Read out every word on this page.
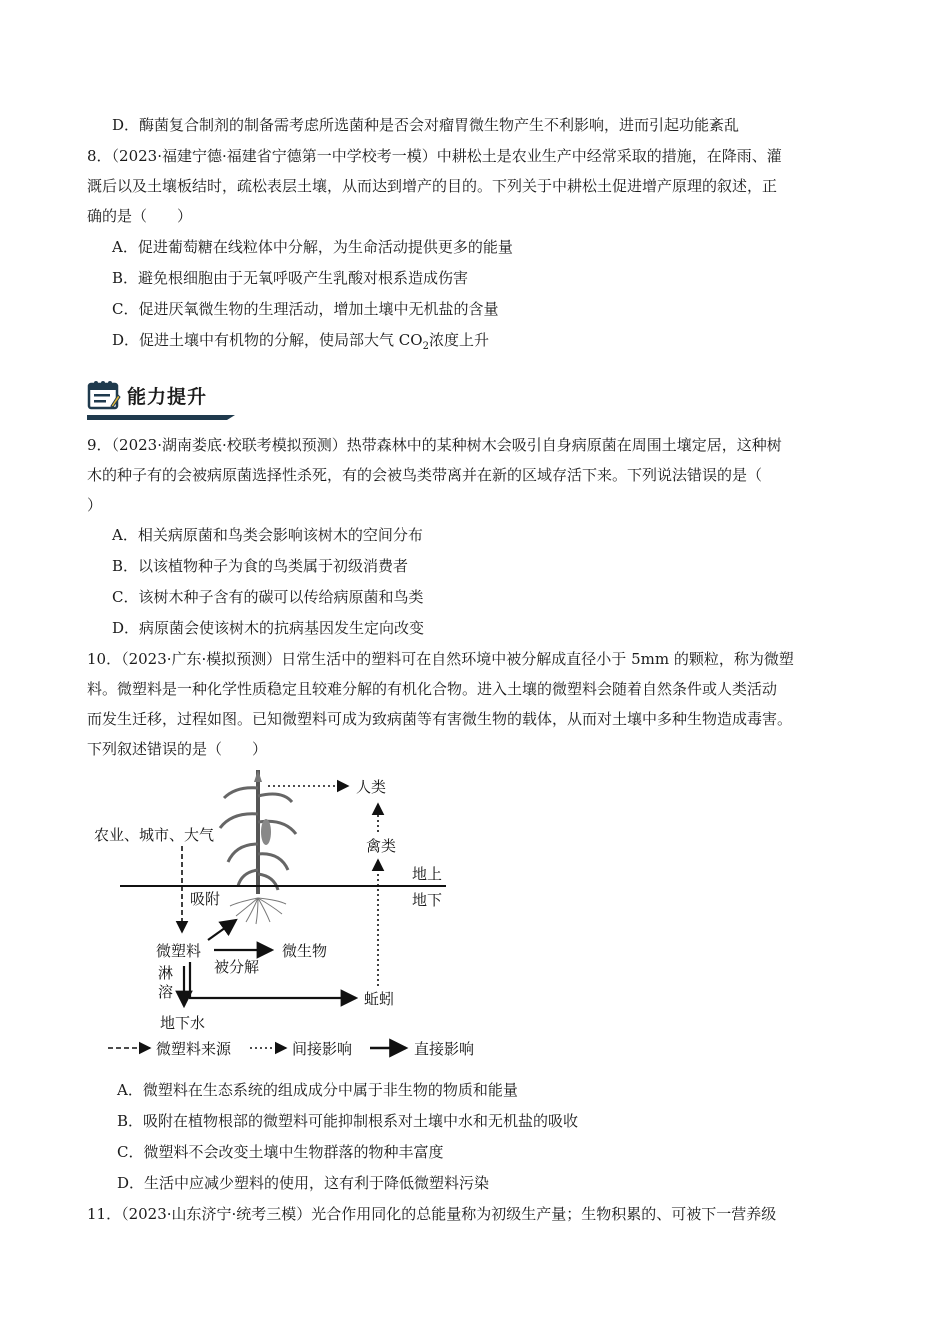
D．酶菌复合制剂的制备需考虑所选菌种是否会对瘤胃微生物产生不利影响，进而引起功能紊乱
8．（2023·福建宁德·福建省宁德第一中学校考一模）中耕松土是农业生产中经常采取的措施，在降雨、灌
溉后以及土壤板结时，疏松表层土壤，从而达到增产的目的。下列关于中耕松土促进增产原理的叙述，正
确的是（　　）
A．促进葡萄糖在线粒体中分解，为生命活动提供更多的能量
B．避免根细胞由于无氧呼吸产生乳酸对根系造成伤害
C．促进厌氧微生物的生理活动，增加土壤中无机盐的含量
D．促进土壤中有机物的分解，使局部大气 $CO_2$浓度上升
能力提升
9．（2023·湖南娄底·校联考模拟预测）热带森林中的某种树木会吸引自身病原菌在周围土壤定居，这种树
木的种子有的会被病原菌选择性杀死，有的会被鸟类带离并在新的区域存活下来。下列说法错误的是（
）
A．相关病原菌和鸟类会影响该树木的空间分布
B．以该植物种子为食的鸟类属于初级消费者
C．该树木种子含有的碳可以传给病原菌和鸟类
D．病原菌会使该树木的抗病基因发生定向改变
10．（2023·广东·模拟预测）日常生活中的塑料可在自然环境中被分解成直径小于 5mm 的颗粒，称为微塑
料。微塑料是一种化学性质稳定且较难分解的有机化合物。进入土壤的微塑料会随着自然条件或人类活动
而发生迁移，过程如图。已知微塑料可成为致病菌等有害微生物的载体，从而对土壤中多种生物造成毒害。
下列叙述错误的是（　　）
人类
禽类
农业、城市、大气
地上
地下
吸附
微塑料	微生物
被分解
淋
溶	蚯蚓
地下水
微塑料来源	间接影响	直接影响
A．微塑料在生态系统的组成成分中属于非生物的物质和能量
B．吸附在植物根部的微塑料可能抑制根系对土壤中水和无机盐的吸收
C．微塑料不会改变土壤中生物群落的物种丰富度
D．生活中应减少塑料的使用，这有利于降低微塑料污染
11．（2023·山东济宁·统考三模）光合作用同化的总能量称为初级生产量；生物积累的、可被下一营养级
